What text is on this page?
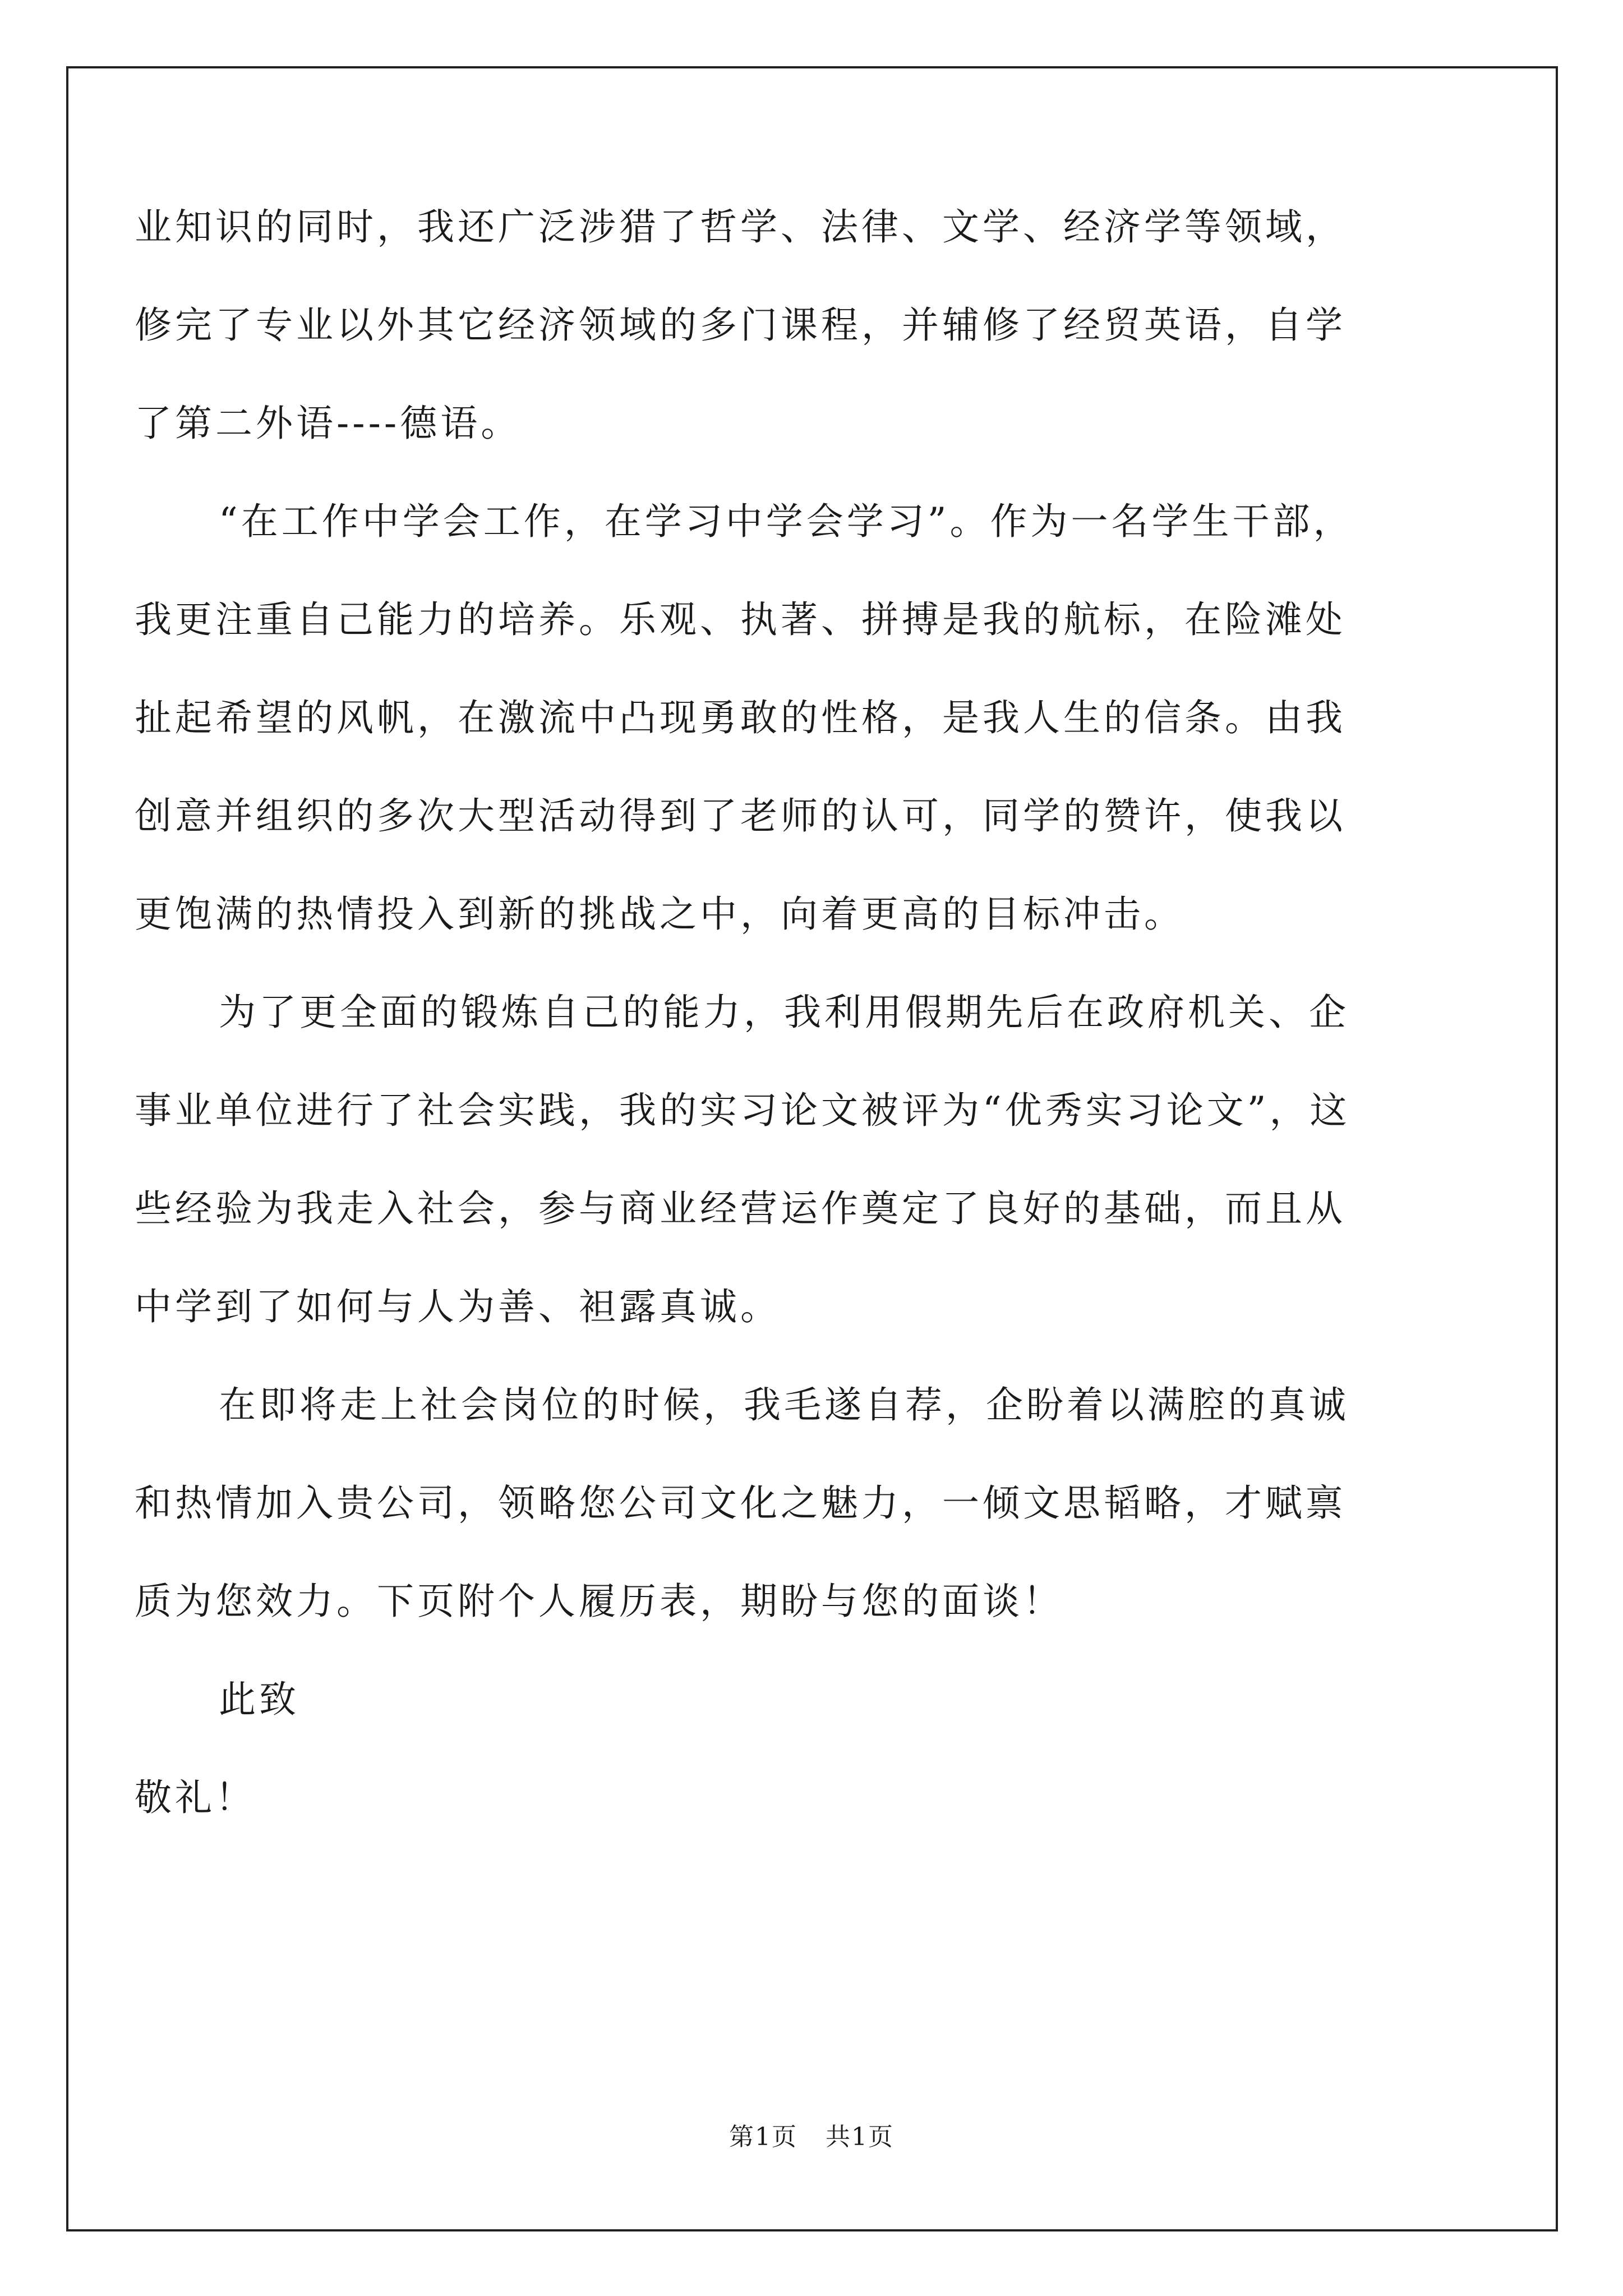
业知识的同时，我还广泛涉猎了哲学、法律、文学、经济学等领域，
修完了专业以外其它经济领域的多门课程，并辅修了经贸英语，自学
了第二外语----德语。
“在工作中学会工作，在学习中学会学习”。作为一名学生干部，
我更注重自己能力的培养。乐观、执著、拼搏是我的航标，在险滩处
扯起希望的风帆，在激流中凸现勇敢的性格，是我人生的信条。由我
创意并组织的多次大型活动得到了老师的认可，同学的赞许，使我以
更饱满的热情投入到新的挑战之中，向着更高的目标冲击。
为了更全面的锻炼自己的能力，我利用假期先后在政府机关、企
事业单位进行了社会实践，我的实习论文被评为“优秀实习论文”，这
些经验为我走入社会，参与商业经营运作奠定了良好的基础，而且从
中学到了如何与人为善、袒露真诚。
在即将走上社会岗位的时候，我毛遂自荐，企盼着以满腔的真诚
和热情加入贵公司，领略您公司文化之魅力，一倾文思韬略，才赋禀
质为您效力。下页附个人履历表，期盼与您的面谈！
此致
敬礼！
第1页 共1页
